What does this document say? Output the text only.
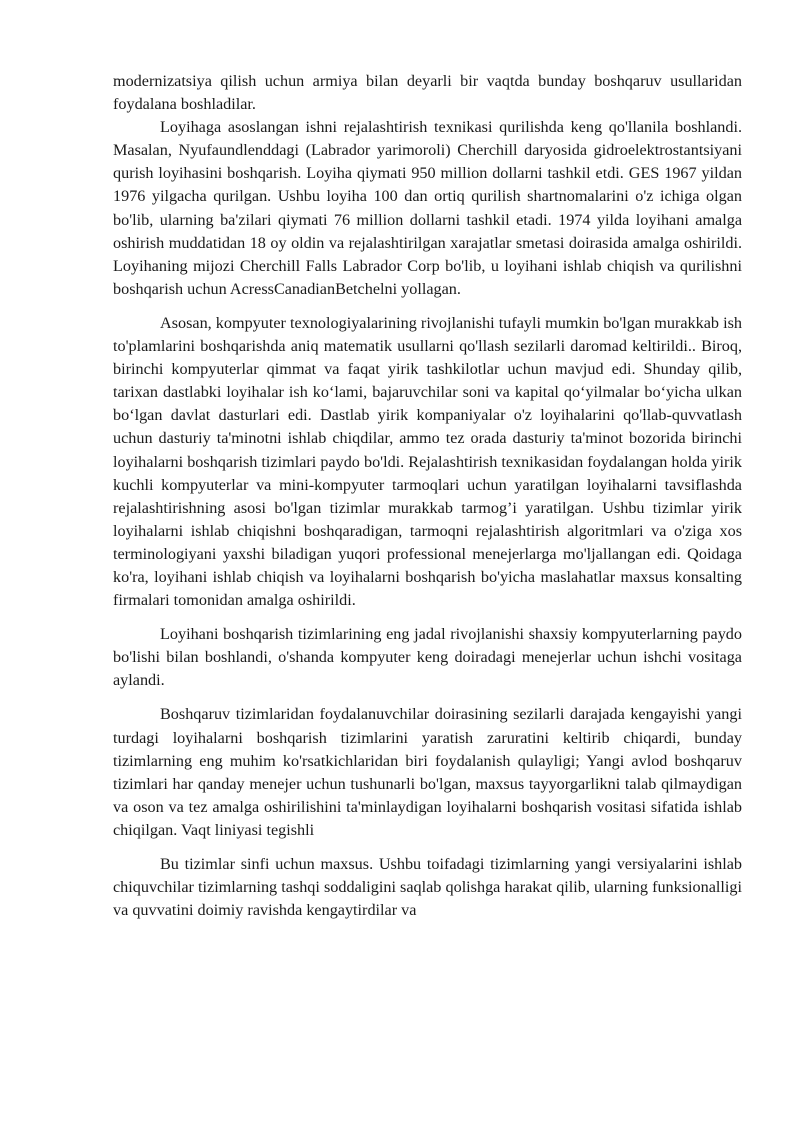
modernizatsiya qilish uchun armiya bilan deyarli bir vaqtda bunday boshqaruv usullaridan foydalana boshladilar.

Loyihaga asoslangan ishni rejalashtirish texnikasi qurilishda keng qo'llanila boshlandi. Masalan, Nyufaundlenddagi (Labrador yarimoroli) Cherchill daryosida gidroelektrostantsiyani qurish loyihasini boshqarish. Loyiha qiymati 950 million dollarni tashkil etdi. GES 1967 yildan 1976 yilgacha qurilgan. Ushbu loyiha 100 dan ortiq qurilish shartnomalarini o'z ichiga olgan bo'lib, ularning ba'zilari qiymati 76 million dollarni tashkil etadi. 1974 yilda loyihani amalga oshirish muddatidan 18 oy oldin va rejalashtirilgan xarajatlar smetasi doirasida amalga oshirildi. Loyihaning mijozi Cherchill Falls Labrador Corp bo'lib, u loyihani ishlab chiqish va qurilishni boshqarish uchun AcressCanadianBetchelni yollagan.

Asosan, kompyuter texnologiyalarining rivojlanishi tufayli mumkin bo'lgan murakkab ish to'plamlarini boshqarishda aniq matematik usullarni qo'llash sezilarli daromad keltirildi.. Biroq, birinchi kompyuterlar qimmat va faqat yirik tashkilotlar uchun mavjud edi. Shunday qilib, tarixan dastlabki loyihalar ish ko‘lami, bajaruvchilar soni va kapital qo‘yilmalar bo‘yicha ulkan bo‘lgan davlat dasturlari edi. Dastlab yirik kompaniyalar o'z loyihalarini qo'llab-quvvatlash uchun dasturiy ta'minotni ishlab chiqdilar, ammo tez orada dasturiy ta'minot bozorida birinchi loyihalarni boshqarish tizimlari paydo bo'ldi. Rejalashtirish texnikasidan foydalangan holda yirik kuchli kompyuterlar va mini-kompyuter tarmoqlari uchun yaratilgan loyihalarni tavsiflashda rejalashtirishning asosi bo'lgan tizimlar murakkab tarmog’i yaratilgan. Ushbu tizimlar yirik loyihalarni ishlab chiqishni boshqaradigan, tarmoqni rejalashtirish algoritmlari va o'ziga xos terminologiyani yaxshi biladigan yuqori professional menejerlarga mo'ljallangan edi. Qoidaga ko'ra, loyihani ishlab chiqish va loyihalarni boshqarish bo'yicha maslahatlar maxsus konsalting firmalari tomonidan amalga oshirildi.

Loyihani boshqarish tizimlarining eng jadal rivojlanishi shaxsiy kompyuterlarning paydo bo'lishi bilan boshlandi, o'shanda kompyuter keng doiradagi menejerlar uchun ishchi vositaga aylandi.

Boshqaruv tizimlaridan foydalanuvchilar doirasining sezilarli darajada kengayishi yangi turdagi loyihalarni boshqarish tizimlarini yaratish zaruratini keltirib chiqardi, bunday tizimlarning eng muhim ko'rsatkichlaridan biri foydalanish qulayligi; Yangi avlod boshqaruv tizimlari har qanday menejer uchun tushunarli bo'lgan, maxsus tayyorgarlikni talab qilmaydigan va oson va tez amalga oshirilishini ta'minlaydigan loyihalarni boshqarish vositasi sifatida ishlab chiqilgan. Vaqt liniyasi tegishli

Bu tizimlar sinfi uchun maxsus. Ushbu toifadagi tizimlarning yangi versiyalarini ishlab chiquvchilar tizimlarning tashqi soddaligini saqlab qolishga harakat qilib, ularning funksionalligi va quvvatini doimiy ravishda kengaytirdilar va
